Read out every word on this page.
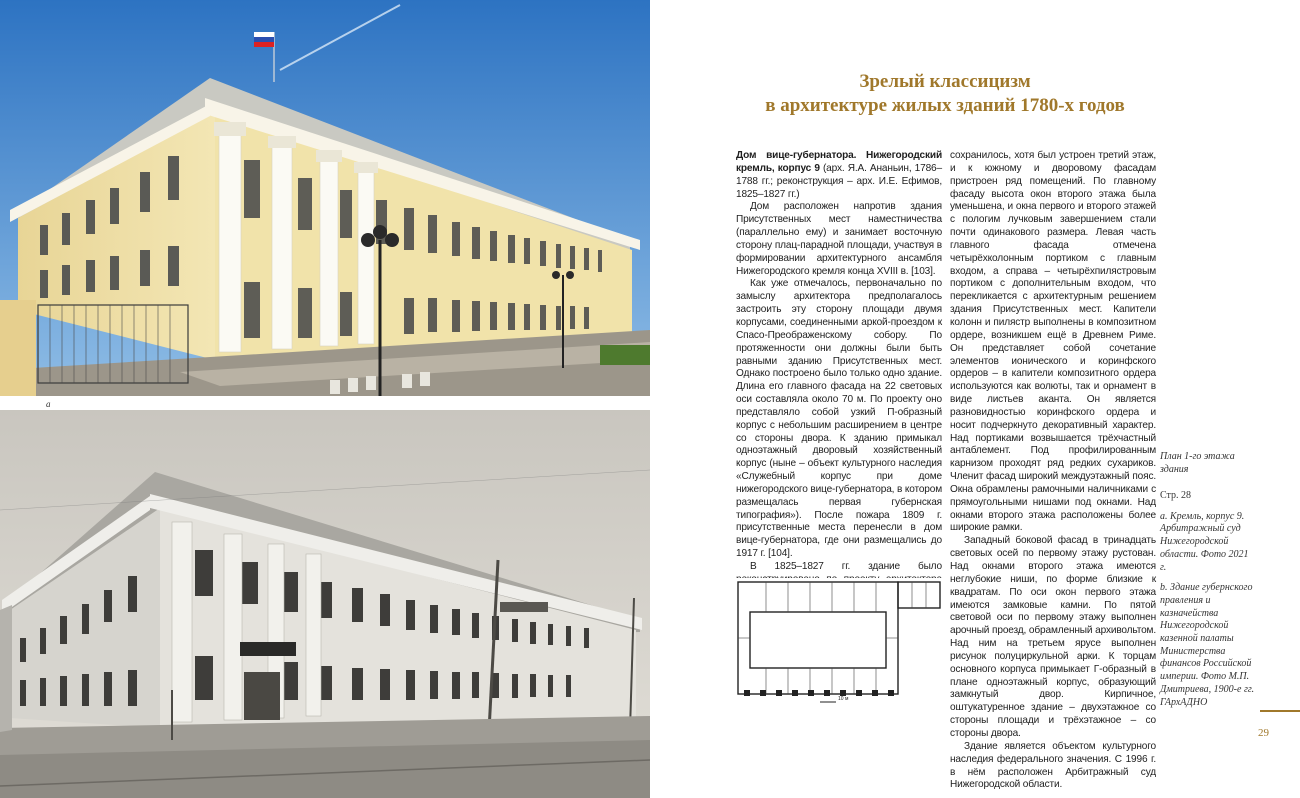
a
Зрелый классицизм
в архитектуре жилых зданий 1780-х годов

Дом вице-губернатора. Нижегородский кремль, корпус 9 (арх. Я.А. Ананьин, 1786–1788 гг.; реконструкция – арх. И.Е. Ефимов, 1825–1827 гг.)

Дом расположен напротив здания Присутственных мест наместничества (параллельно ему) и занимает восточную сторону плац-парадной площади, участвуя в формировании архитектурного ансамбля Нижегородского кремля конца XVIII в. [103].

Как уже отмечалось, первоначально по замыслу архитектора предполагалось застроить эту сторону площади двумя корпусами, соединенными аркой-проездом к Спасо-Преображенскому собору. По протяженности они должны были быть равными зданию Присутственных мест. Однако построено было только одно здание. Длина его главного фасада на 22 световых оси составляла около 70 м. По проекту оно представляло собой узкий П-образный корпус с небольшим расширением в центре со стороны двора. К зданию примыкал одноэтажный дворовый хозяйственный корпус (ныне – объект культурного наследия «Служебный корпус при доме нижегородского вице-губернатора, в котором размещалась первая губернская типография»). После пожара 1809 г. присутственные места перенесли в дом вице-губернатора, где они размещались до 1917 г. [104].

В 1825–1827 гг. здание было

сохранилось, хотя был устроен третий этаж, и к южному и дворовому фасадам пристроен ряд помещений. По главному фасаду высота окон второго этажа была уменьшена, и окна первого и второго этажей с пологим лучковым завершением стали почти одинакового размера. Левая часть главного фасада отмечена четырёхколонным портиком с главным входом, а справа – четырёхпилястровым портиком с дополнительным входом, что перекликается с архитектурным решением здания Присутственных мест. Капители колонн и пилястр выполнены в композитном ордере, возникшем ещё в Древнем Риме. Он представляет собой сочетание элементов ионического и коринфского ордеров – в капители композитного ордера используются как волюты, так и орнамент в виде листьев аканта. Он является разновидностью коринфского ордера и носит подчеркнуто декоративный характер. Над портиками возвышается трёхчастный антаблемент. Под профилированным карнизом проходят ряд редких сухариков. Членит фасад широкий междуэтажный пояс. Окна обрамлены рамочными наличниками с прямоугольными нишами под окнами. Над окнами второго этажа расположены более широкие рамки.

Западный боковой фасад в тринадцать световых осей по первому этажу рустован. Над окнами второго этажа имеются неглубокие ниши, по форме близкие к квадратам. По оси окон первого этажа имеются замковые камни. По пятой световой оси по первому этажу выполнен арочный проезд, обрамленный архивольтом. Над ним на третьем ярусе выполнен рисунок полуциркульной арки. К торцам основного корпуса примыкает Г-образный в плане одноэтажный корпус, образующий замкнутый двор. Кирпичное, оштукатуренное здание – двухэтажное со стороны площади и трёхэтажное – со стороны двора.

Здание является объектом культурного наследия федерального значения. С 1996 г. в нём расположен Арбитражный суд Нижегородской области.

10 м
План 1-го этажа здания

Стр. 28

a. Кремль, корпус 9. Арбитражный суд Нижегородской области. Фото 2021 г.

b. Здание губернского правления и казначейства Нижегородской казенной палаты Министерства финансов Российской империи. Фото М.П. Дмитриева, 1900-е гг. ГАрхАДНО

29
